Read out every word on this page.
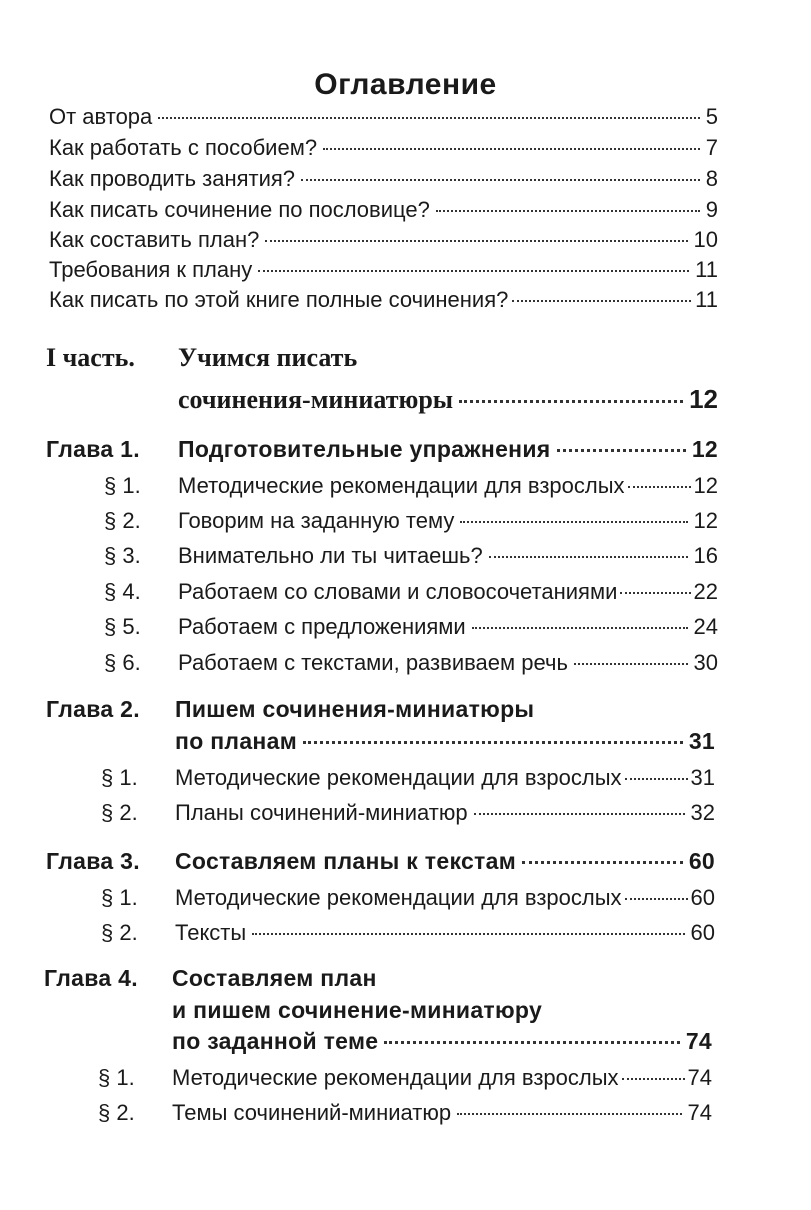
Оглавление
От автора	5
Как работать с пособием?	7
Как проводить занятия?	8
Как писать сочинение по пословице?	9
Как составить план?	10
Требования к плану	11
Как писать по этой книге полные сочинения?	11
I часть. Учимся писать
сочинения-миниатюры	12
Глава 1. Подготовительные упражнения	12
§ 1. Методические рекомендации для взрослых	12
§ 2. Говорим на заданную тему	12
§ 3. Внимательно ли ты читаешь?	16
§ 4. Работаем со словами и словосочетаниями	22
§ 5. Работаем с предложениями	24
§ 6. Работаем с текстами, развиваем речь	30
Глава 2. Пишем сочинения-миниатюры
по планам	31
§ 1. Методические рекомендации для взрослых	31
§ 2. Планы сочинений-миниатюр	32
Глава 3. Составляем планы к текстам	60
§ 1. Методические рекомендации для взрослых	60
§ 2. Тексты	60
Глава 4. Составляем план
и пишем сочинение-миниатюру
по заданной теме	74
§ 1. Методические рекомендации для взрослых	74
§ 2. Темы сочинений-миниатюр	74
